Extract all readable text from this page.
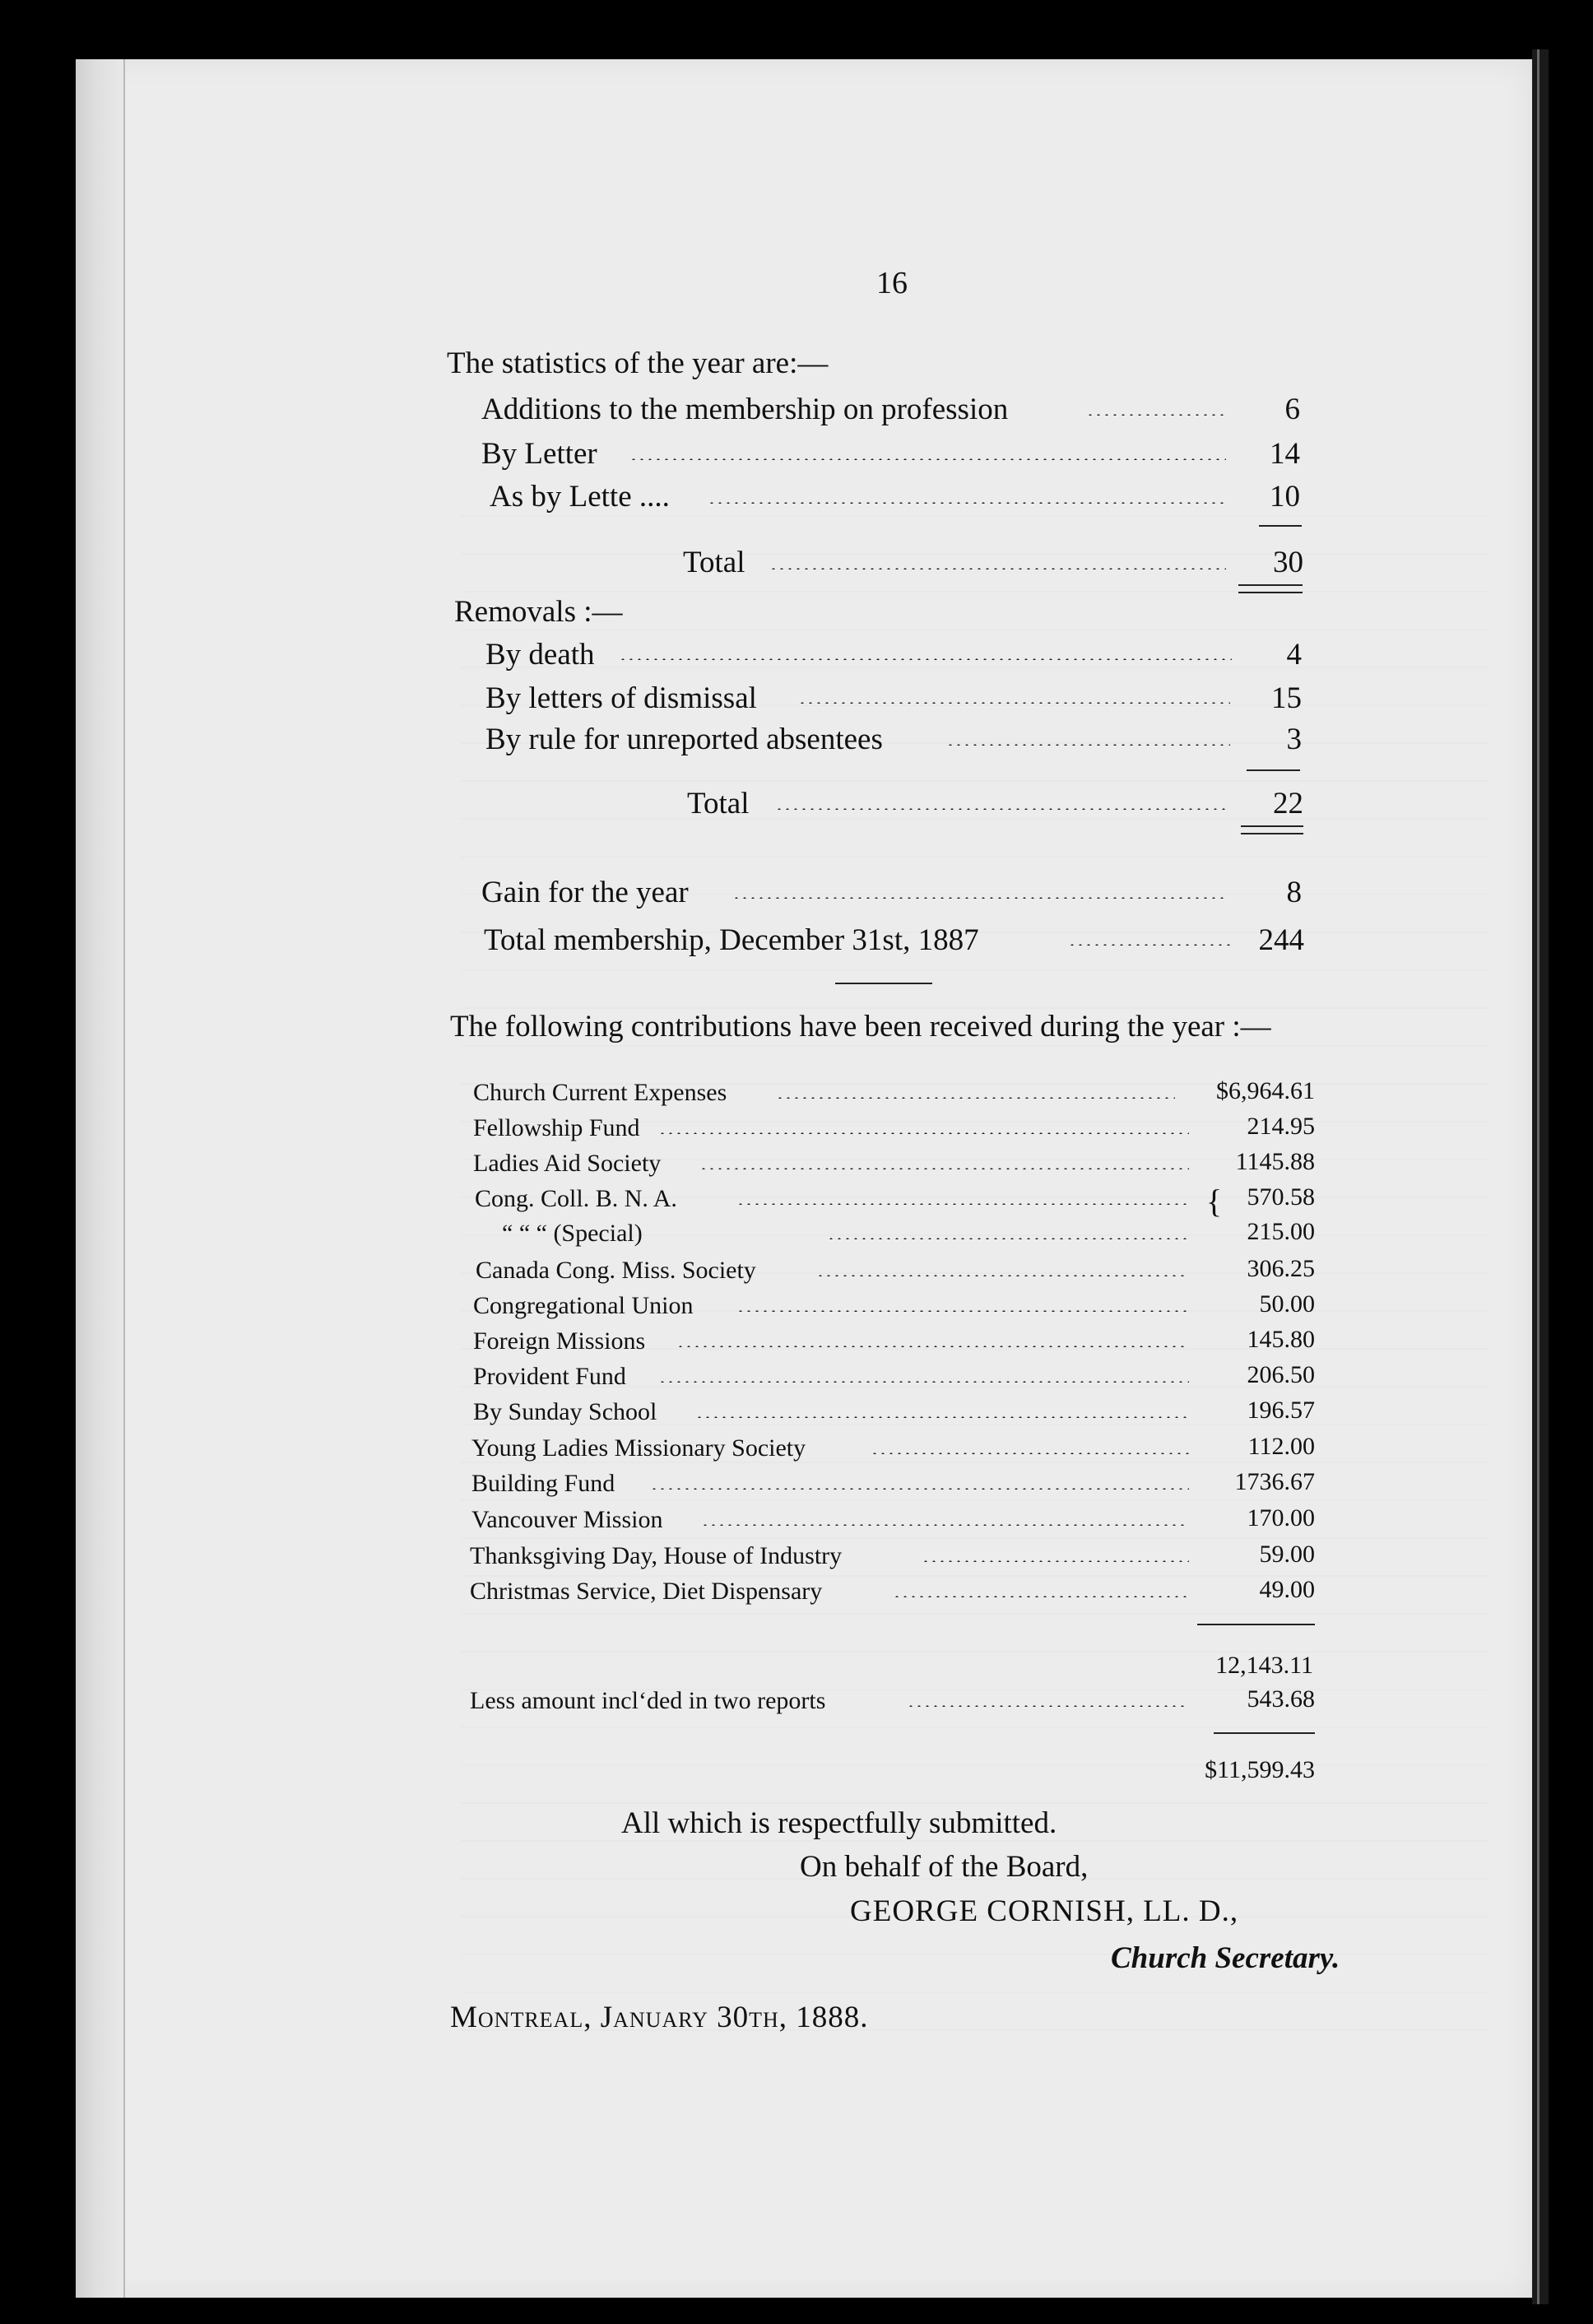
16
The statistics of the year are:—
Additions to the membership on profession	6
By Letter	14
As by Lette ....	10
Total	30
Removals :—
By death	4
By letters of dismissal	15
By rule for unreported absentees	3
Total	22
Gain for the year	8
Total membership, December 31st, 1887	244
The following contributions have been received during the year :—
Church Current Expenses	$6,964.61
Fellowship Fund	214.95
Ladies Aid Society	1145.88
Cong. Coll. B. N. A.	{	570.58
“ “ “ (Special)	215.00
Canada Cong. Miss. Society	306.25
Congregational Union	50.00
Foreign Missions	145.80
Provident Fund	206.50
By Sunday School	196.57
Young Ladies Missionary Society	112.00
Building Fund	1736.67
Vancouver Mission	170.00
Thanksgiving Day, House of Industry	59.00
Christmas Service, Diet Dispensary	49.00
12,143.11
Less amount incl‘ded in two reports	543.68
$11,599.43
All which is respectfully submitted.
On behalf of the Board,
GEORGE CORNISH, LL. D.,
Church Secretary.
Montreal, January 30th, 1888.
